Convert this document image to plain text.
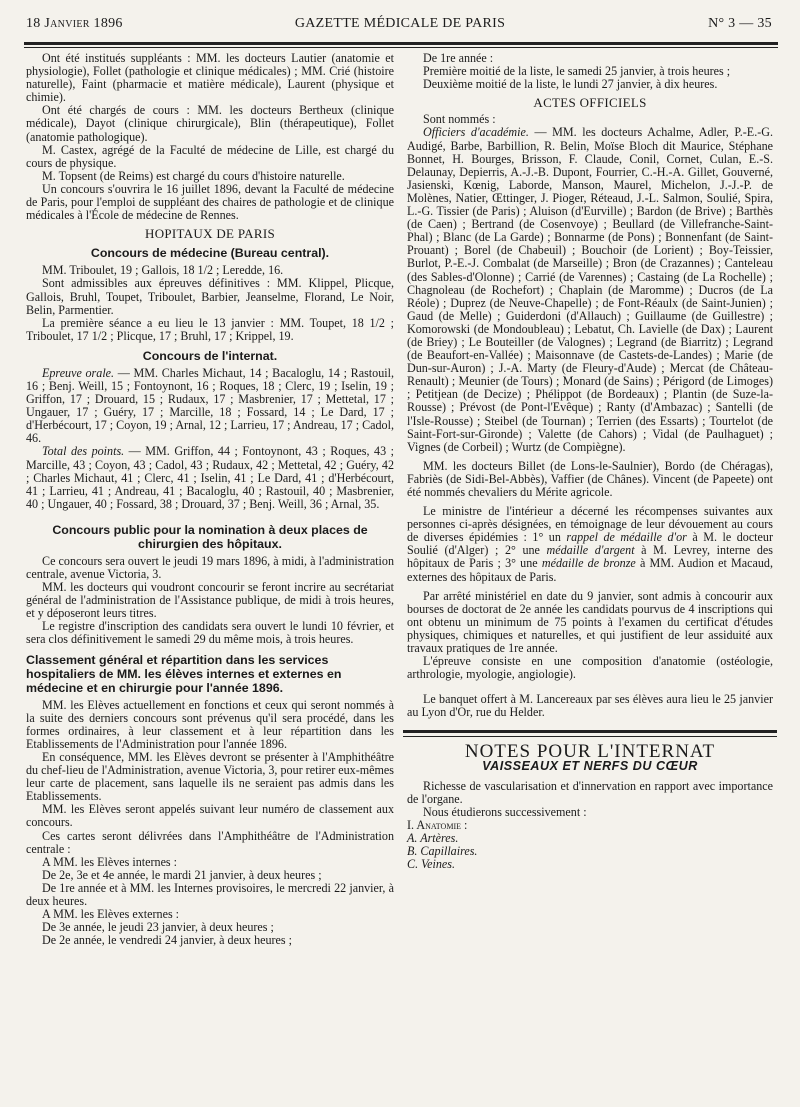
18 Janvier 1896	GAZETTE MÉDICALE DE PARIS	N° 3 — 35

Ont été institués suppléants : MM. les docteurs Lautier (anatomie et physiologie), Follet (pathologie et clinique médicales) ; MM. Crié (histoire naturelle), Faint (pharmacie et matière médicale), Laurent (physique et chimie).

Ont été chargés de cours : MM. les docteurs Bertheux (clinique médicale), Dayot (clinique chirurgicale), Blin (thérapeutique), Follet (anatomie pathologique).

M. Castex, agrégé de la Faculté de médecine de Lille, est chargé du cours de physique.

M. Topsent (de Reims) est chargé du cours d'histoire naturelle.

Un concours s'ouvrira le 16 juillet 1896, devant la Faculté de médecine de Paris, pour l'emploi de suppléant des chaires de pathologie et de clinique médicales à l'École de médecine de Rennes.

HOPITAUX DE PARIS
Concours de médecine (Bureau central).

MM. Triboulet, 19 ; Gallois, 18 1/2 ; Leredde, 16.

Sont admissibles aux épreuves définitives : MM. Klippel, Plicque, Gallois, Bruhl, Toupet, Triboulet, Barbier, Jeanselme, Florand, Le Noir, Belin, Parmentier.

La première séance a eu lieu le 13 janvier : MM. Toupet, 18 1/2 ; Triboulet, 17 1/2 ; Plicque, 17 ; Bruhl, 17 ; Krippel, 19.

Concours de l'internat.

Epreuve orale. — MM. Charles Michaut, 14 ; Bacaloglu, 14 ; Rastouil, 16 ; Benj. Weill, 15 ; Fontoynont, 16 ; Roques, 18 ; Clerc, 19 ; Iselin, 19 ; Griffon, 17 ; Drouard, 15 ; Rudaux, 17 ; Masbrenier, 17 ; Mettetal, 17 ; Ungauer, 17 ; Guéry, 17 ; Marcille, 18 ; Fossard, 14 ; Le Dard, 17 ; d'Herbécourt, 17 ; Coyon, 19 ; Arnal, 12 ; Larrieu, 17 ; Andreau, 17 ; Cadol, 46.

Total des points. — MM. Griffon, 44 ; Fontoynont, 43 ; Roques, 43 ; Marcille, 43 ; Coyon, 43 ; Cadol, 43 ; Rudaux, 42 ; Mettetal, 42 ; Guéry, 42 ; Charles Michaut, 41 ; Clerc, 41 ; Iselin, 41 ; Le Dard, 41 ; d'Herbécourt, 41 ; Larrieu, 41 ; Andreau, 41 ; Bacaloglu, 40 ; Rastouil, 40 ; Masbrenier, 40 ; Ungauer, 40 ; Fossard, 38 ; Drouard, 37 ; Benj. Weill, 36 ; Arnal, 35.

Concours public pour la nomination à deux places de chirurgien des hôpitaux.

Ce concours sera ouvert le jeudi 19 mars 1896, à midi, à l'administration centrale, avenue Victoria, 3.

MM. les docteurs qui voudront concourir se feront incrire au secrétariat général de l'administration de l'Assistance publique, de midi à trois heures, et y déposeront leurs titres.

Le registre d'inscription des candidats sera ouvert le lundi 10 février, et sera clos définitivement le samedi 29 du même mois, à trois heures.

Classement général et répartition dans les services hospitaliers de MM. les élèves internes et externes en médecine et en chirurgie pour l'année 1896.

MM. les Elèves actuellement en fonctions et ceux qui seront nommés à la suite des derniers concours sont prévenus qu'il sera procédé, dans les formes ordinaires, à leur classement et à leur répartition dans les Etablissements de l'Administration pour l'année 1896.

En conséquence, MM. les Elèves devront se présenter à l'Amphithéâtre du chef-lieu de l'Administration, avenue Victoria, 3, pour retirer eux-mêmes leur carte de placement, sans laquelle ils ne seraient pas admis dans les Etablissements.

MM. les Elèves seront appelés suivant leur numéro de classement aux concours.

Ces cartes seront délivrées dans l'Amphithéâtre de l'Administration centrale :

A MM. les Elèves internes :

De 2e, 3e et 4e année, le mardi 21 janvier, à deux heures ;

De 1re année et à MM. les Internes provisoires, le mercredi 22 janvier, à deux heures.

A MM. les Elèves externes :

De 3e année, le jeudi 23 janvier, à deux heures ;

De 2e année, le vendredi 24 janvier, à deux heures ;

De 1re année :

Première moitié de la liste, le samedi 25 janvier, à trois heures ;

Deuxième moitié de la liste, le lundi 27 janvier, à dix heures.

ACTES OFFICIELS

Sont nommés :

Officiers d'académie. — MM. les docteurs Achalme, Adler, P.-E.-G. Audigé, Barbe, Barbillion, R. Belin, Moïse Bloch dit Maurice, Stéphane Bonnet, H. Bourges, Brisson, F. Claude, Conil, Cornet, Culan, E.-S. Delaunay, Depierris, A.-J.-B. Dupont, Fourrier, C.-H.-A. Gillet, Gouverné, Jasienski, Kœnig, Laborde, Manson, Maurel, Michelon, J.-J.-P. de Molènes, Natier, Œttinger, J. Pioger, Réteaud, J.-L. Salmon, Soulié, Spira, L.-G. Tissier (de Paris) ; Aluison (d'Eurville) ; Bardon (de Brive) ; Barthès (de Caen) ; Bertrand (de Cosenvoye) ; Beullard (de Villefranche-Saint-Phal) ; Blanc (de La Garde) ; Bonnarme (de Pons) ; Bonnenfant (de Saint-Prouant) ; Borel (de Chabeuil) ; Bouchoir (de Lorient) ; Boy-Teissier, Burlot, P.-E.-J. Combalat (de Marseille) ; Bron (de Crazannes) ; Canteleau (des Sables-d'Olonne) ; Carrié (de Varennes) ; Castaing (de La Rochelle) ; Chagnoleau (de Rochefort) ; Chaplain (de Maromme) ; Ducros (de La Réole) ; Duprez (de Neuve-Chapelle) ; de Font-Réaulx (de Saint-Junien) ; Gaud (de Melle) ; Guiderdoni (d'Allauch) ; Guillaume (de Guillestre) ; Komorowski (de Mondoubleau) ; Lebatut, Ch. Lavielle (de Dax) ; Laurent (de Briey) ; Le Bouteiller (de Valognes) ; Legrand (de Biarritz) ; Legrand (de Beaufort-en-Vallée) ; Maisonnave (de Castets-de-Landes) ; Marie (de Dun-sur-Auron) ; J.-A. Marty (de Fleury-d'Aude) ; Mercat (de Château-Renault) ; Meunier (de Tours) ; Monard (de Sains) ; Périgord (de Limoges) ; Petitjean (de Decize) ; Phélippot (de Bordeaux) ; Plantin (de Suze-la-Rousse) ; Prévost (de Pont-l'Evêque) ; Ranty (d'Ambazac) ; Santelli (de l'Isle-Rousse) ; Steibel (de Tournan) ; Terrien (des Essarts) ; Tourtelot (de Saint-Fort-sur-Gironde) ; Valette (de Cahors) ; Vidal (de Paulhaguet) ; Vignes (de Corbeil) ; Wurtz (de Compiègne).

MM. les docteurs Billet (de Lons-le-Saulnier), Bordo (de Chéragas), Fabriès (de Sidi-Bel-Abbès), Vaffier (de Chânes). Vincent (de Papeete) ont été nommés chevaliers du Mérite agricole.

Le ministre de l'intérieur a décerné les récompenses suivantes aux personnes ci-après désignées, en témoignage de leur dévouement au cours de diverses épidémies : 1° un rappel de médaille d'or à M. le docteur Soulié (d'Alger) ; 2° une médaille d'argent à M. Levrey, interne des hôpitaux de Paris ; 3° une médaille de bronze à MM. Audion et Macaud, externes des hôpitaux de Paris.

Par arrêté ministériel en date du 9 janvier, sont admis à concourir aux bourses de doctorat de 2e année les candidats pourvus de 4 inscriptions qui ont obtenu un minimum de 75 points à l'examen du certificat d'études physiques, chimiques et naturelles, et qui justifient de leur assiduité aux travaux pratiques de 1re année.

L'épreuve consiste en une composition d'anatomie (ostéologie, arthrologie, myologie, angiologie).

Le banquet offert à M. Lancereaux par ses élèves aura lieu le 25 janvier au Lyon d'Or, rue du Helder.

NOTES POUR L'INTERNAT
VAISSEAUX ET NERFS DU CŒUR

Richesse de vascularisation et d'innervation en rapport avec importance de l'organe.

Nous étudierons successivement :

I. Anatomie :

A. Artères.

B. Capillaires.

C. Veines.
